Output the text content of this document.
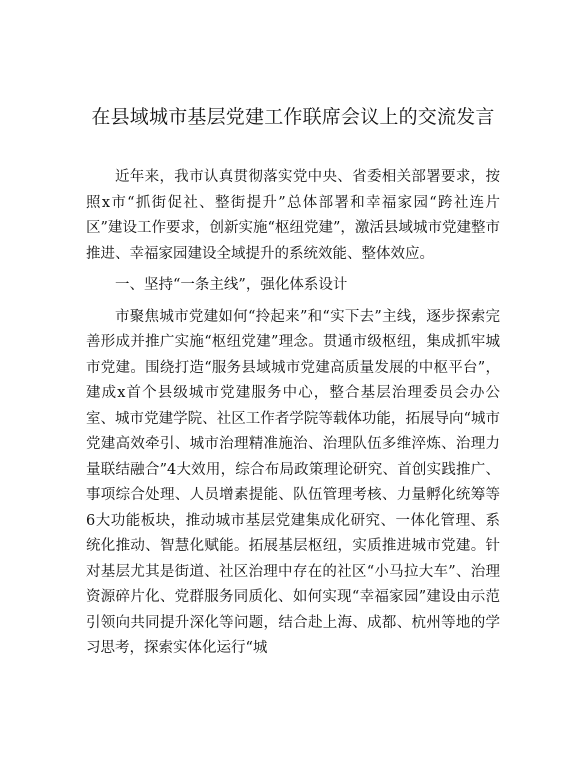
在县域城市基层党建工作联席会议上的交流发言

近年来，我市认真贯彻落实党中央、省委相关部署要求，按照x市“抓街促社、整街提升”总体部署和幸福家园“跨社连片区”建设工作要求，创新实施“枢纽党建”，激活县域城市党建整市推进、幸福家园建设全域提升的系统效能、整体效应。

一、坚持“一条主线”，强化体系设计

市聚焦城市党建如何“拎起来”和“实下去”主线，逐步探索完善形成并推广实施“枢纽党建”理念。贯通市级枢纽，集成抓牢城市党建。围绕打造“服务县域城市党建高质量发展的中枢平台”，建成x首个县级城市党建服务中心，整合基层治理委员会办公室、城市党建学院、社区工作者学院等载体功能，拓展导向“城市党建高效牵引、城市治理精准施治、治理队伍多维淬炼、治理力量联结融合”4大效用，综合布局政策理论研究、首创实践推广、事项综合处理、人员增素提能、队伍管理考核、力量孵化统筹等6大功能板块，推动城市基层党建集成化研究、一体化管理、系统化推动、智慧化赋能。拓展基层枢纽，实质推进城市党建。针对基层尤其是街道、社区治理中存在的社区“小马拉大车”、治理资源碎片化、党群服务同质化、如何实现“幸福家园”建设由示范引领向共同提升深化等问题，结合赴上海、成都、杭州等地的学习思考，探索实体化运行“城
